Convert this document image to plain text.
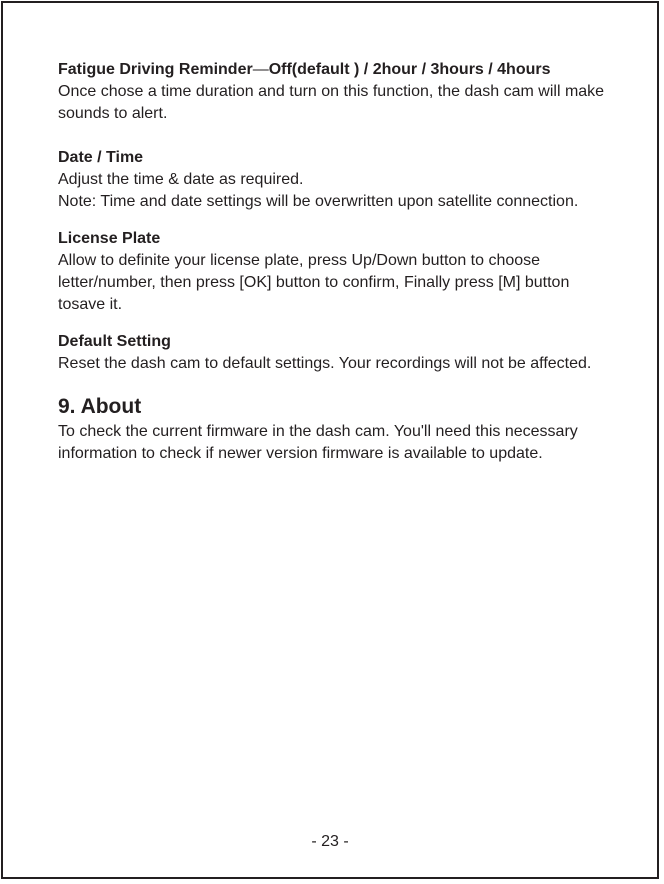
Fatigue Driving Reminder—Off(default ) / 2hour / 3hours / 4hours

Once chose a time duration and turn on this function, the dash cam will make sounds to alert.

Date / Time

Adjust the time & date as required.

Note: Time and date settings will be overwritten upon satellite connection.

License Plate

Allow to definite your license plate, press Up/Down button to choose letter/number, then press [OK] button to confirm, Finally press [M] button tosave it.

Default Setting

Reset the dash cam to default settings. Your recordings will not be affected.

9. About

To check the current firmware in the dash cam. You'll need this necessary information to check if newer version firmware is available to update.

- 23 -
